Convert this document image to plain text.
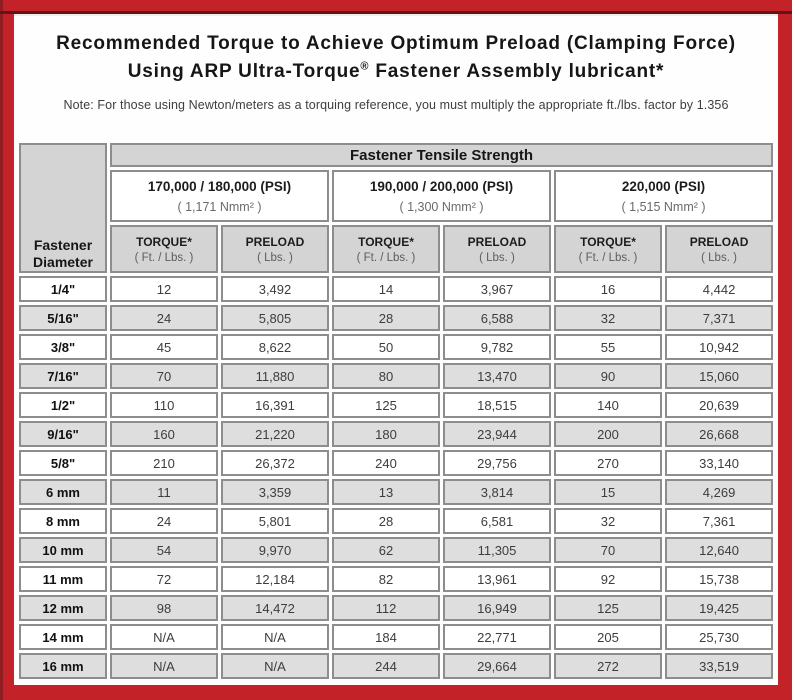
Recommended Torque to Achieve Optimum Preload (Clamping Force)
Using ARP Ultra-Torque® Fastener Assembly lubricant*
Note: For those using Newton/meters as a torquing reference, you must multiply the appropriate ft./lbs. factor by 1.356
Fastener
Diameter	Fastener Tensile Strength					
	170,000 / 180,000 (PSI)
( 1,171 Nmm² )		190,000 / 200,000 (PSI)
( 1,300 Nmm² )		220,000 (PSI)
( 1,515 Nmm² )	

	TORQUE*
( Ft. / Lbs. )	PRELOAD
( Lbs. )	TORQUE*
( Ft. / Lbs. )	PRELOAD
( Lbs. )	TORQUE*
( Ft. / Lbs. )	PRELOAD
( Lbs. )

1/4"	12	3,492	14	3,967	16	4,442
5/16"	24	5,805	28	6,588	32	7,371
3/8"	45	8,622	50	9,782	55	10,942
7/16"	70	11,880	80	13,470	90	15,060
1/2"	110	16,391	125	18,515	140	20,639
9/16"	160	21,220	180	23,944	200	26,668
5/8"	210	26,372	240	29,756	270	33,140
6 mm	11	3,359	13	3,814	15	4,269
8 mm	24	5,801	28	6,581	32	7,361
10 mm	54	9,970	62	11,305	70	12,640
11 mm	72	12,184	82	13,961	92	15,738
12 mm	98	14,472	112	16,949	125	19,425
14 mm	N/A	N/A	184	22,771	205	25,730
16 mm	N/A	N/A	244	29,664	272	33,519
